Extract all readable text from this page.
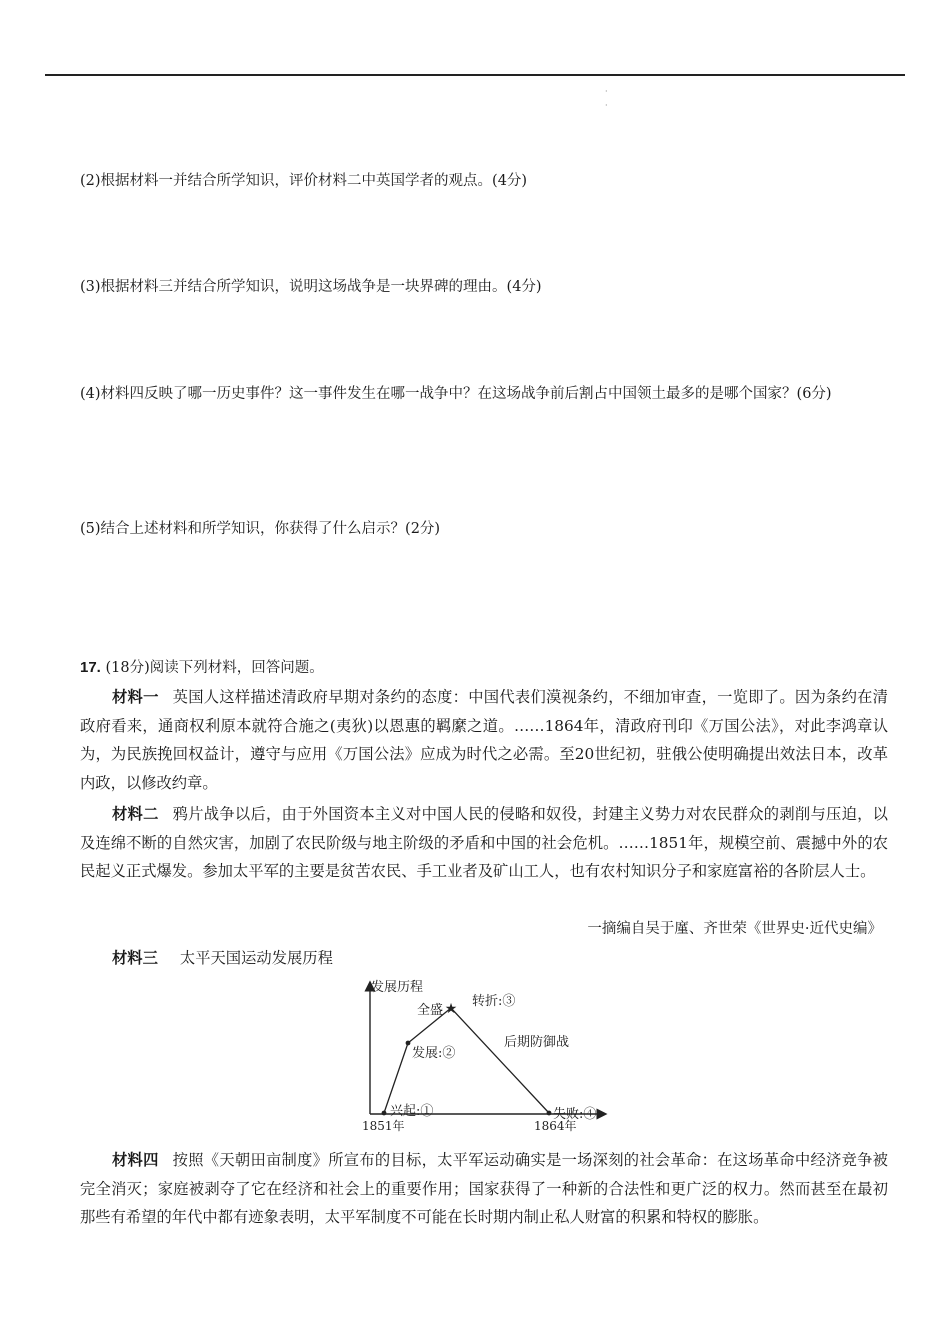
·
·
(2)根据材料一并结合所学知识，评价材料二中英国学者的观点。(4分)
(3)根据材料三并结合所学知识，说明这场战争是一块界碑的理由。(4分)
(4)材料四反映了哪一历史事件？这一事件发生在哪一战争中？在这场战争前后割占中国领土最多的是哪个国家？(6分)
(5)结合上述材料和所学知识，你获得了什么启示？(2分)
17. (18分)阅读下列材料，回答问题。
材料一 英国人这样描述清政府早期对条约的态度：中国代表们漠视条约，不细加审查，一览即了。因为条约在清政府看来，通商权利原本就符合施之(夷狄)以恩惠的羁縻之道。……1864年，清政府刊印《万国公法》，对此李鸿章认为，为民族挽回权益计，遵守与应用《万国公法》应成为时代之必需。至20世纪初，驻俄公使明确提出效法日本，改革内政，以修改约章。
材料二 鸦片战争以后，由于外国资本主义对中国人民的侵略和奴役，封建主义势力对农民群众的剥削与压迫，以及连绵不断的自然灾害，加剧了农民阶级与地主阶级的矛盾和中国的社会危机。……1851年，规模空前、震撼中外的农民起义正式爆发。参加太平军的主要是贫苦农民、手工业者及矿山工人，也有农村知识分子和家庭富裕的各阶层人士。
一摘编自吴于廑、齐世荣《世界史·近代史编》
材料三 太平天国运动发展历程
发展历程
1851年	1864年
后期防御战
兴起:①
发展:②
★
全盛
转折:③
失败:④
材料四 按照《天朝田亩制度》所宣布的目标，太平军运动确实是一场深刻的社会革命：在这场革命中经济竞争被完全消灭；家庭被剥夺了它在经济和社会上的重要作用；国家获得了一种新的合法性和更广泛的权力。然而甚至在最初那些有希望的年代中都有迹象表明，太平军制度不可能在长时期内制止私人财富的积累和特权的膨胀。
